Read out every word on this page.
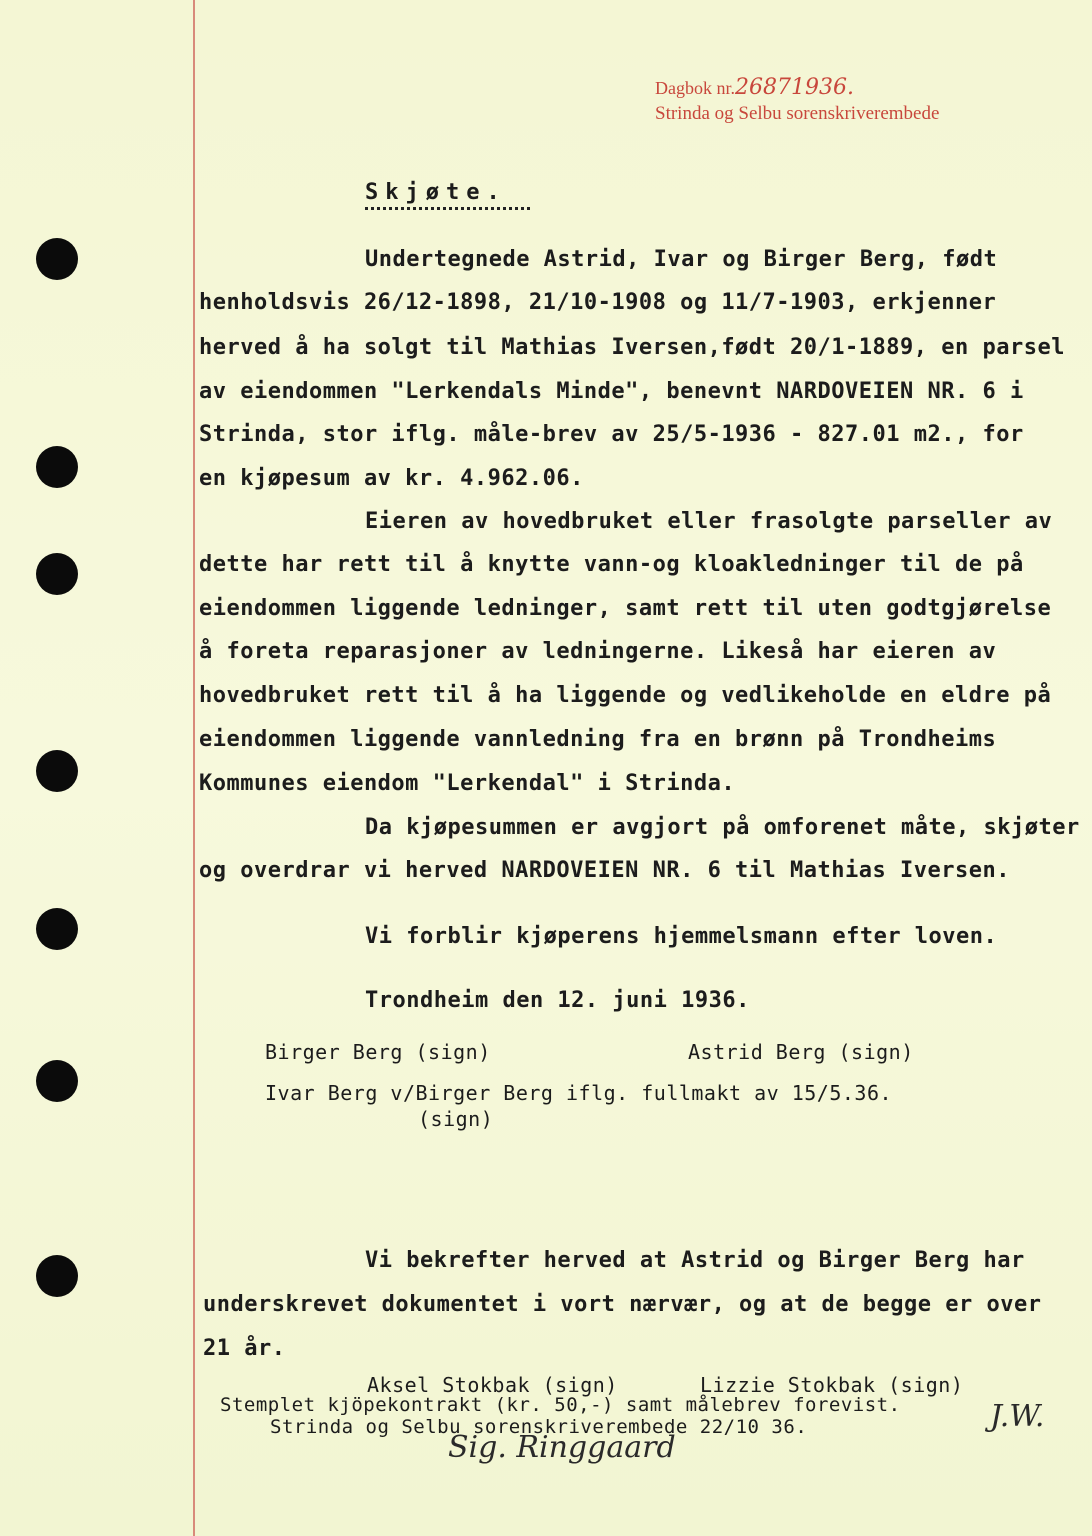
Dagbok nr.26871936.
Strinda og Selbu sorenskriverembede
Skjøte.
Undertegnede Astrid, Ivar og Birger Berg, født
henholdsvis 26/12-1898, 21/10-1908 og 11/7-1903, erkjenner
herved å ha solgt til Mathias Iversen,født 20/1-1889, en parsel
av eiendommen "Lerkendals Minde", benevnt NARDOVEIEN NR. 6 i
Strinda, stor iflg. måle-brev av 25/5-1936 - 827.01 m2., for
en kjøpesum av kr. 4.962.06.
Eieren av hovedbruket eller frasolgte parseller av
dette har rett til å knytte vann-og kloakledninger til de på
eiendommen liggende ledninger, samt rett til uten godtgjørelse
å foreta reparasjoner av ledningerne. Likeså har eieren av
hovedbruket rett til å ha liggende og vedlikeholde en eldre på
eiendommen liggende vannledning fra en brønn på Trondheims
Kommunes eiendom "Lerkendal" i Strinda.
Da kjøpesummen er avgjort på omforenet måte, skjøter
og overdrar vi herved NARDOVEIEN NR. 6 til Mathias Iversen.
Vi forblir kjøperens hjemmelsmann efter loven.
Trondheim den 12. juni 1936.
Birger Berg (sign)	Astrid Berg (sign)
Ivar Berg v/Birger Berg iflg. fullmakt av 15/5.36.
(sign)
Vi bekrefter herved at Astrid og Birger Berg har
underskrevet dokumentet i vort nærvær, og at de begge er over
21 år.
Aksel Stokbak (sign)	Lizzie Stokbak (sign)
Stemplet kjöpekontrakt (kr. 50,-) samt målebrev forevist.
Strinda og Selbu sorenskriverembede 22/10 36.
Sig. Ringgaard
J.W.
